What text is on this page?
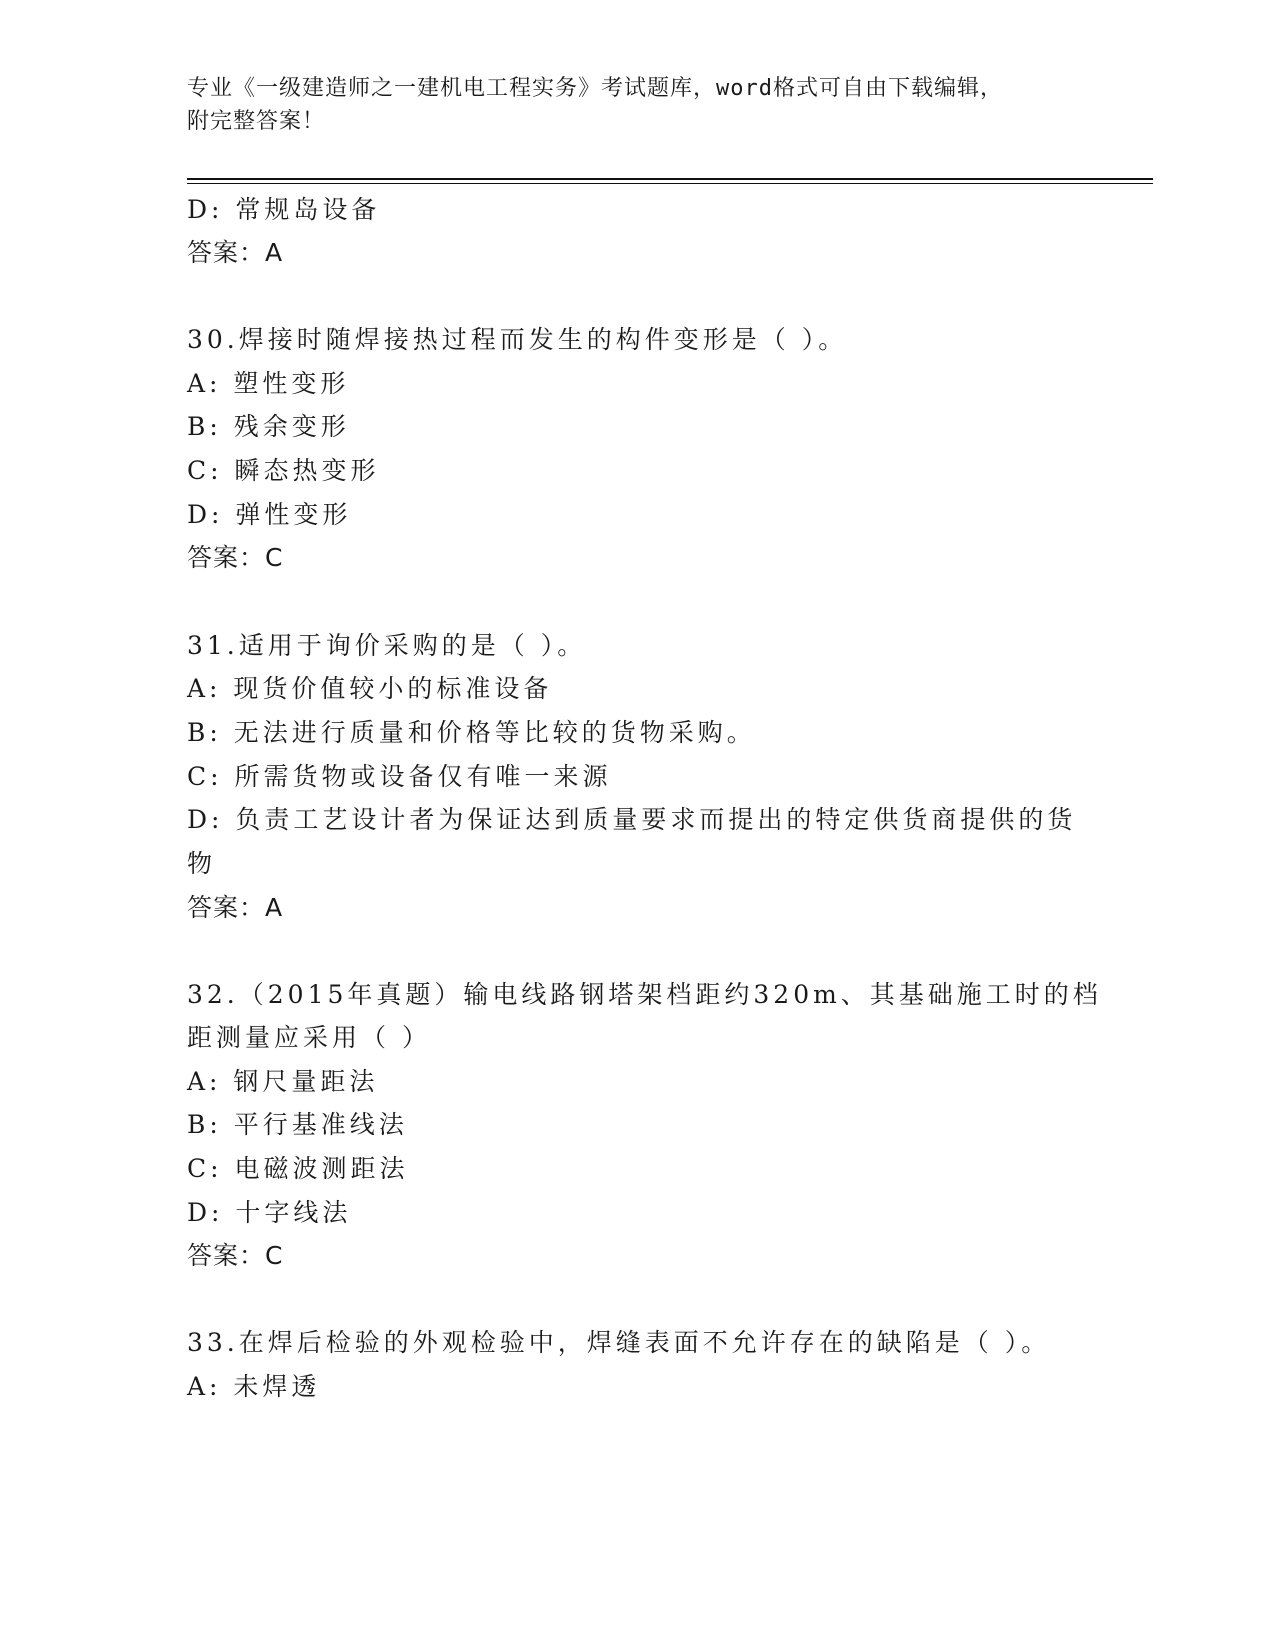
专业《一级建造师之一建机电工程实务》考试题库，word格式可自由下载编辑，
附完整答案！
D: 常规岛设备
答案：A
30.焊接时随焊接热过程而发生的构件变形是（ ）。
A: 塑性变形
B: 残余变形
C: 瞬态热变形
D: 弹性变形
答案：C
31.适用于询价采购的是（ ）。
A: 现货价值较小的标准设备
B: 无法进行质量和价格等比较的货物采购。
C: 所需货物或设备仅有唯一来源
D: 负责工艺设计者为保证达到质量要求而提出的特定供货商提供的货
物
答案：A
32.（2015年真题）输电线路钢塔架档距约320m、其基础施工时的档
距测量应采用（ ）
A: 钢尺量距法
B: 平行基准线法
C: 电磁波测距法
D: 十字线法
答案：C
33.在焊后检验的外观检验中，焊缝表面不允许存在的缺陷是（ ）。
A: 未焊透
